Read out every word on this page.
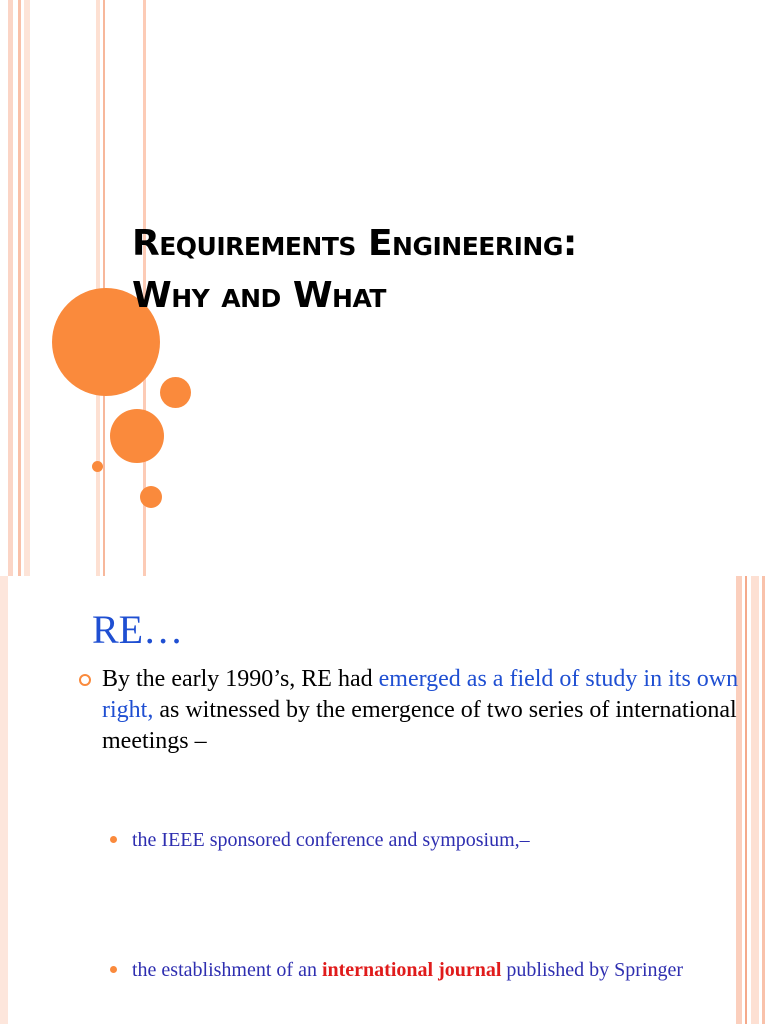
Requirements Engineering:
Why and What
RE…

By the early 1990’s, RE had emerged as a field of study in its own right, as witnessed by the emergence of two series of international meetings –

the IEEE sponsored conference and symposium,–

the establishment of an international journal published by Springer
